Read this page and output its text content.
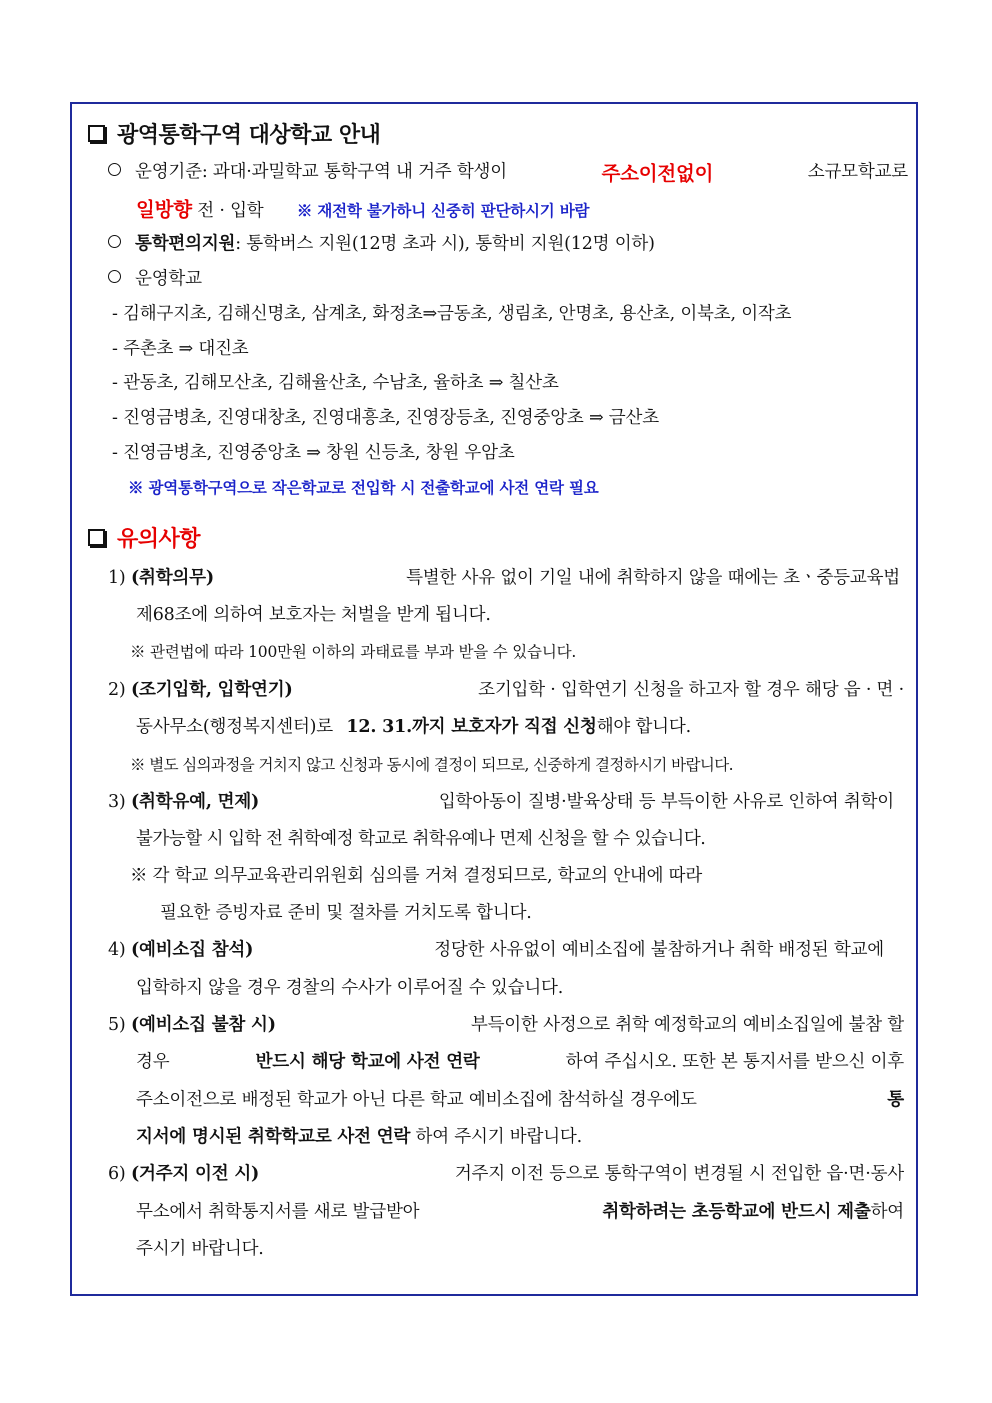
광역통학구역 대상학교 안내
운영기준: 과대·과밀학교 통학구역 내 거주 학생이	주소이전없이	소규모학교로
일방향 전 · 입학 ※ 재전학 불가하니 신중히 판단하시기 바람
통학편의지원: 통학버스 지원(12명 초과 시), 통학비 지원(12명 이하)
운영학교
- 김해구지초, 김해신명초, 삼계초, 화정초⇒금동초, 생림초, 안명초, 용산초, 이북초, 이작초
- 주촌초 ⇒ 대진초
- 관동초, 김해모산초, 김해율산초, 수남초, 율하초 ⇒ 칠산초
- 진영금병초, 진영대창초, 진영대흥초, 진영장등초, 진영중앙초 ⇒ 금산초
- 진영금병초, 진영중앙초 ⇒ 창원 신등초, 창원 우암초
※ 광역통학구역으로 작은학교로 전입학 시 전출학교에 사전 연락 필요
유의사항
1) (취학의무)	특별한 사유 없이 기일 내에 취학하지 않을 때에는 초ㆍ중등교육법
제68조에 의하여 보호자는 처벌을 받게 됩니다.
※ 관련법에 따라 100만원 이하의 과태료를 부과 받을 수 있습니다.
2) (조기입학, 입학연기)	조기입학 · 입학연기 신청을 하고자 할 경우 해당 읍 · 면 ·
동사무소(행정복지센터)로 12. 31.까지 보호자가 직접 신청해야 합니다.
※ 별도 심의과정을 거치지 않고 신청과 동시에 결정이 되므로, 신중하게 결정하시기 바랍니다.
3) (취학유예, 면제)	입학아동이 질병·발육상태 등 부득이한 사유로 인하여 취학이
불가능할 시 입학 전 취학예정 학교로 취학유예나 면제 신청을 할 수 있습니다.
※ 각 학교 의무교육관리위원회 심의를 거쳐 결정되므로, 학교의 안내에 따라
필요한 증빙자료 준비 및 절차를 거치도록 합니다.
4) (예비소집 참석)	정당한 사유없이 예비소집에 불참하거나 취학 배정된 학교에
입학하지 않을 경우 경찰의 수사가 이루어질 수 있습니다.
5) (예비소집 불참 시)	부득이한 사정으로 취학 예정학교의 예비소집일에 불참 할
경우	반드시 해당 학교에 사전 연락	하여 주십시오. 또한 본 통지서를 받으신 이후
주소이전으로 배정된 학교가 아닌 다른 학교 예비소집에 참석하실 경우에도	통
지서에 명시된 취학학교로 사전 연락 하여 주시기 바랍니다.
6) (거주지 이전 시)	거주지 이전 등으로 통학구역이 변경될 시 전입한 읍·면·동사
무소에서 취학통지서를 새로 발급받아	취학하려는 초등학교에 반드시 제출하여
주시기 바랍니다.
